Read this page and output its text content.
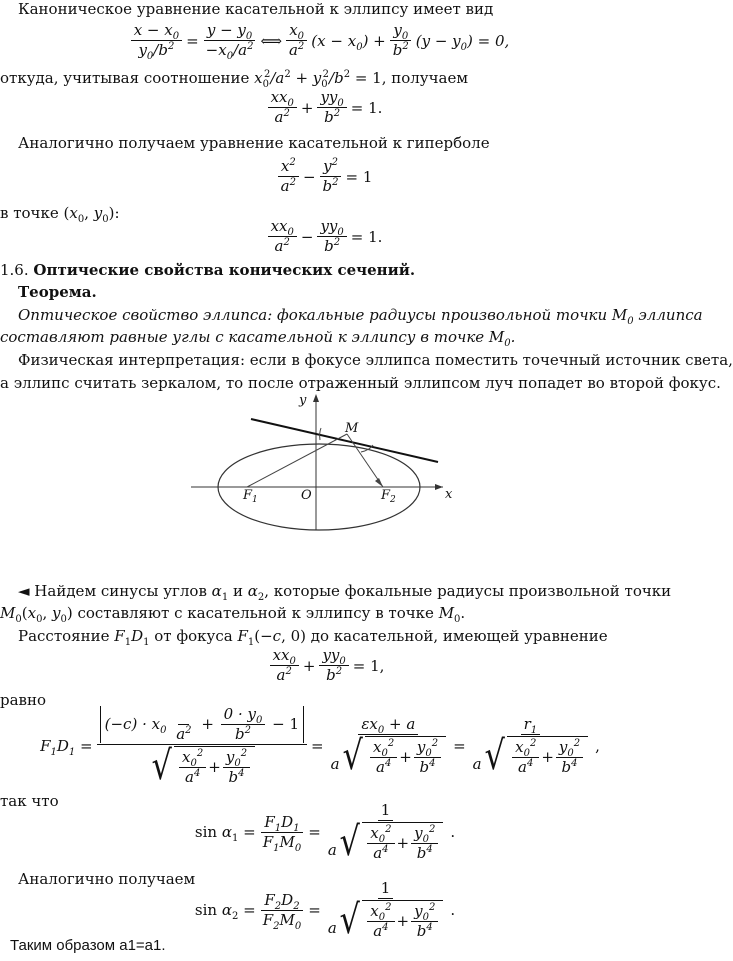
Каноническое уравнение касательной к эллипсу имеет вид
$\frac{x - x_0}{y_0/b^2} = \frac{y - y_0}{-x_0/a^2}$ ⟺ $\frac{x_0}{a^2} (x - x_0) + \frac{y_0}{b^2} (y - y_0) = 0$,
откуда, учитывая соотношение $x_0^2/a^2 + y_0^2/b^2 = 1$, получаем
$\frac{xx_0}{a^2} + \frac{yy_0}{b^2} = 1$.
Аналогично получаем уравнение касательной к гиперболе
$\frac{x^2}{a^2} - \frac{y^2}{b^2} = 1$
в точке ($x_0$, $y_0$):
$\frac{xx_0}{a^2} - \frac{yy_0}{b^2} = 1$.
1.6. Оптические свойства конических сечений.
Теорема.
Оптическое свойство эллипса: фокальные радиусы произвольной точки $M_0$ эллипса
составляют равные углы с касательной к эллипсу в точке $M_0$.
Физическая интерпретация: если в фокусе эллипса поместить точечный источник света,
а эллипс считать зеркалом, то после отраженный эллипсом луч попадет во второй фокус.
y
x
M
O
$F_1$	$F_2$
◄ Найдем синусы углов $\alpha_1$ и $\alpha_2$, которые фокальные радиусы произвольной точки
$M_0(x_0$, $y_0$) составляют с касательной к эллипсу в точке $M_0$.
Расстояние $F_1D_1$ от фокуса $F_1(-c$, 0) до касательной, имеющей уравнение
$\frac{xx_0}{a^2} + \frac{yy_0}{b^2} = 1$,
равно
$F_1D_1 = (-c) \cdot x_0$

$a^2 + \frac{0 \cdot y_0}{b^2} - 1$
√ $\frac{x_0^2}{a^4} + \frac{y_0^2}{b^4} = \frac{\varepsilon x_0 + a}{a √ \frac{x_0^2}{a^4} + \frac{y_0^2}{b^4}} = \frac{r_1}{a √ \frac{x_0^2}{a^4} + \frac{y_0^2}{b^4}}$ ,
так что
$\sin \alpha_1 = \frac{F_1D_1}{F_1M_0} = \frac{1}{a √ \frac{x_0^2}{a^4} + \frac{y_0^2}{b^4}}$ .
Аналогично получаем
$\sin \alpha_2 = \frac{F_2D_2}{F_2M_0} = \frac{1}{a √ \frac{x_0^2}{a^4} + \frac{y_0^2}{b^4}}$ .
Таким образом a1=a1.
